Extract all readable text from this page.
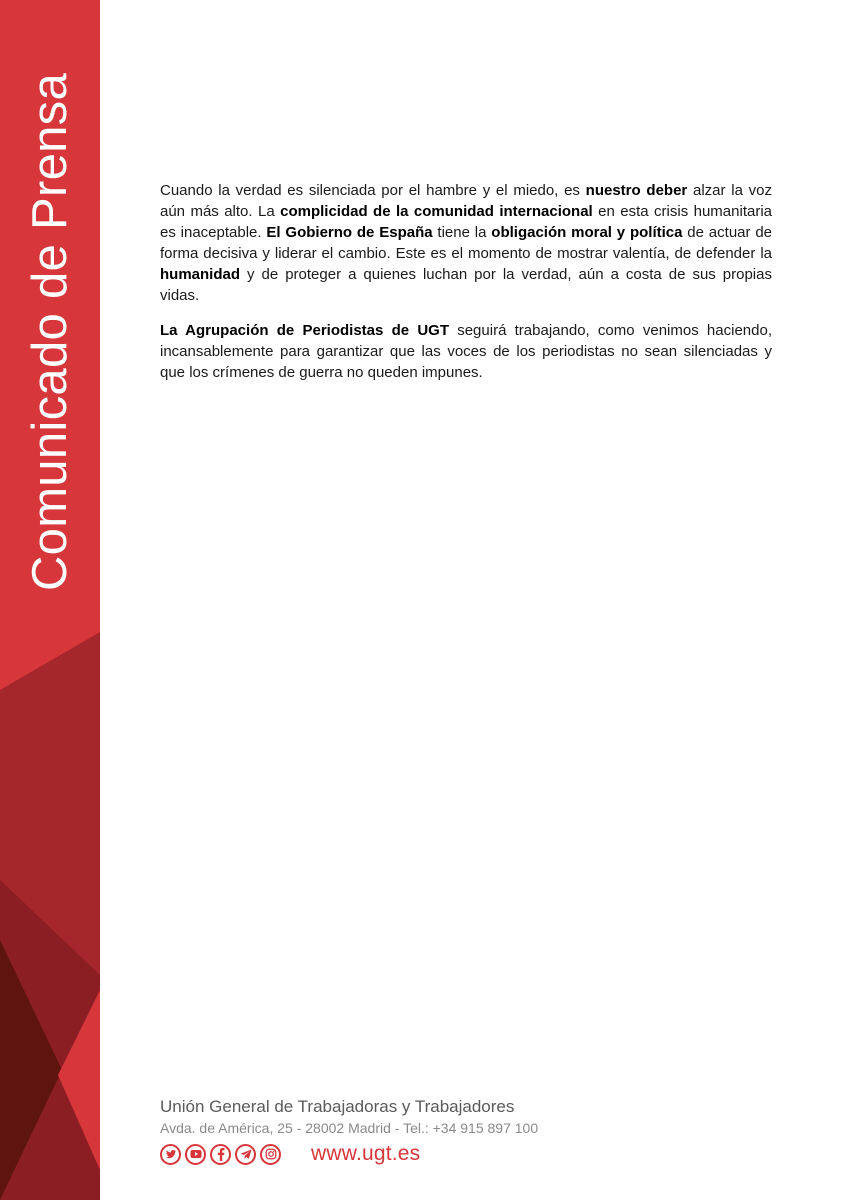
Comunicado de Prensa	Cuando la verdad es silenciada por el hambre y el miedo, es nuestro deber alzar la voz aún más alto. La complicidad de la comunidad internacional en esta crisis humanitaria es inaceptable. El Gobierno de España tiene la obligación moral y política de actuar de forma decisiva y liderar el cambio. Este es el momento de mostrar valentía, de defender la humanidad y de proteger a quienes luchan por la verdad, aún a costa de sus propias vidas.

La Agrupación de Periodistas de UGT seguirá trabajando, como venimos haciendo, incansablemente para garantizar que las voces de los periodistas no sean silenciadas y que los crímenes de guerra no queden impunes.

Unión General de Trabajadoras y Trabajadores
Avda. de América, 25 - 28002 Madrid - Tel.: +34 915 897 100
www.ugt.es
